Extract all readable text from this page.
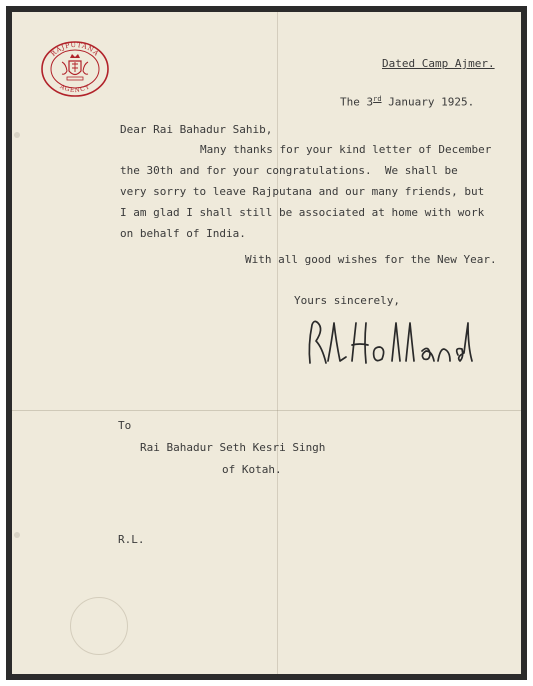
RAJPUTANA
AGENCY
Dated Camp Ajmer.
The 3rd January 1925.
Dear Rai Bahadur Sahib,
Many thanks for your kind letter of December
the 30th and for your congratulations.  We shall be
very sorry to leave Rajputana and our many friends, but
I am glad I shall still be associated at home with work
on behalf of India.
With all good wishes for the New Year.
Yours sincerely,
To
Rai Bahadur Seth Kesri Singh
of Kotah.
R.L.
